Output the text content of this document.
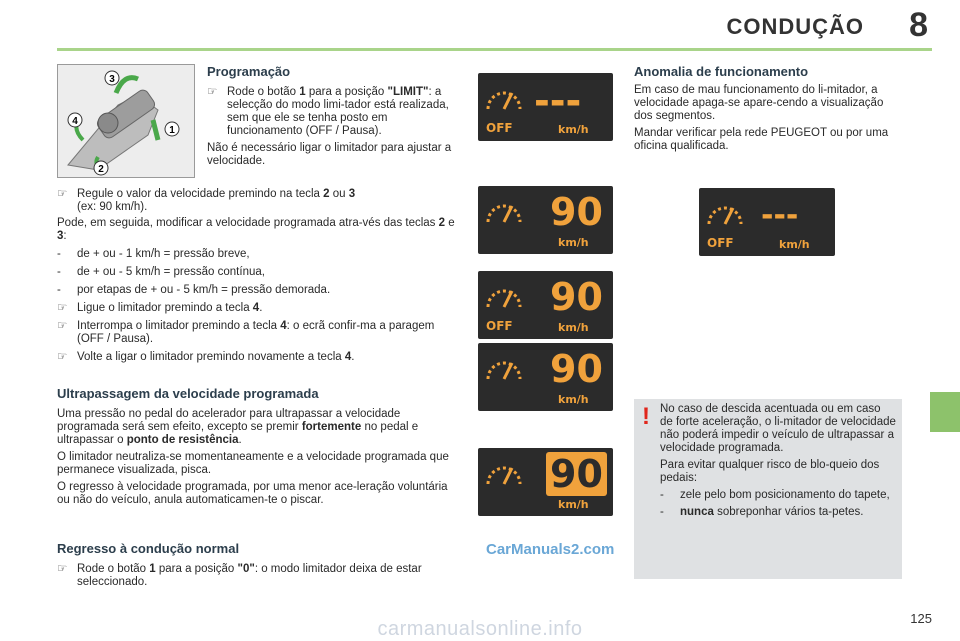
CONDUÇÃO 8
3
4
1
2
Programação
☞ Rode o botão 1 para a posição "LIMIT": a selecção do modo limi-tador está realizada, sem que ele se tenha posto em funcionamento (OFF / Pausa).
Não é necessário ligar o limitador para ajustar a velocidade.
☞ Regule o valor da velocidade premindo na tecla 2 ou 3
(ex: 90 km/h).
Pode, em seguida, modificar a velocidade programada atra-vés das teclas 2 e 3:
-	de + ou - 1 km/h = pressão breve,
-	de + ou - 5 km/h = pressão contínua,
-	por etapas de + ou - 5 km/h = pressão demorada.
☞ Ligue o limitador premindo a tecla 4.
☞ Interrompa o limitador premindo a tecla 4: o ecrã confir-ma a paragem (OFF / Pausa).
☞ Volte a ligar o limitador premindo novamente a tecla 4.
Ultrapassagem da velocidade programada
Uma pressão no pedal do acelerador para ultrapassar a velocidade programada será sem efeito, excepto se premir fortemente no pedal e ultrapassar o ponto de resistência.
O limitador neutraliza-se momentaneamente e a velocidade programada que permanece visualizada, pisca.
O regresso à velocidade programada, por uma menor ace-leração voluntária ou não do veículo, anula automaticamen-te o piscar.
Regresso à condução normal
☞ Rode o botão 1 para a posição "0": o modo limitador deixa de estar seleccionado.
---
OFF	km/h
90
km/h
90
OFF	km/h
90
km/h
90
km/h
CarManuals2.com
Anomalia de funcionamento
Em caso de mau funcionamento do li-mitador, a velocidade apaga-se apare-cendo a visualização dos segmentos.
Mandar verificar pela rede PEUGEOT ou por uma oficina qualificada.
---
OFF	km/h
! No caso de descida acentuada ou em caso de forte aceleração, o li-mitador de velocidade não poderá impedir o veículo de ultrapassar a velocidade programada.
Para evitar qualquer risco de blo-queio dos pedais:
-	zele pelo bom posicionamento do tapete,
-	nunca sobreponhar vários ta-petes.
125
carmanualsonline.info
